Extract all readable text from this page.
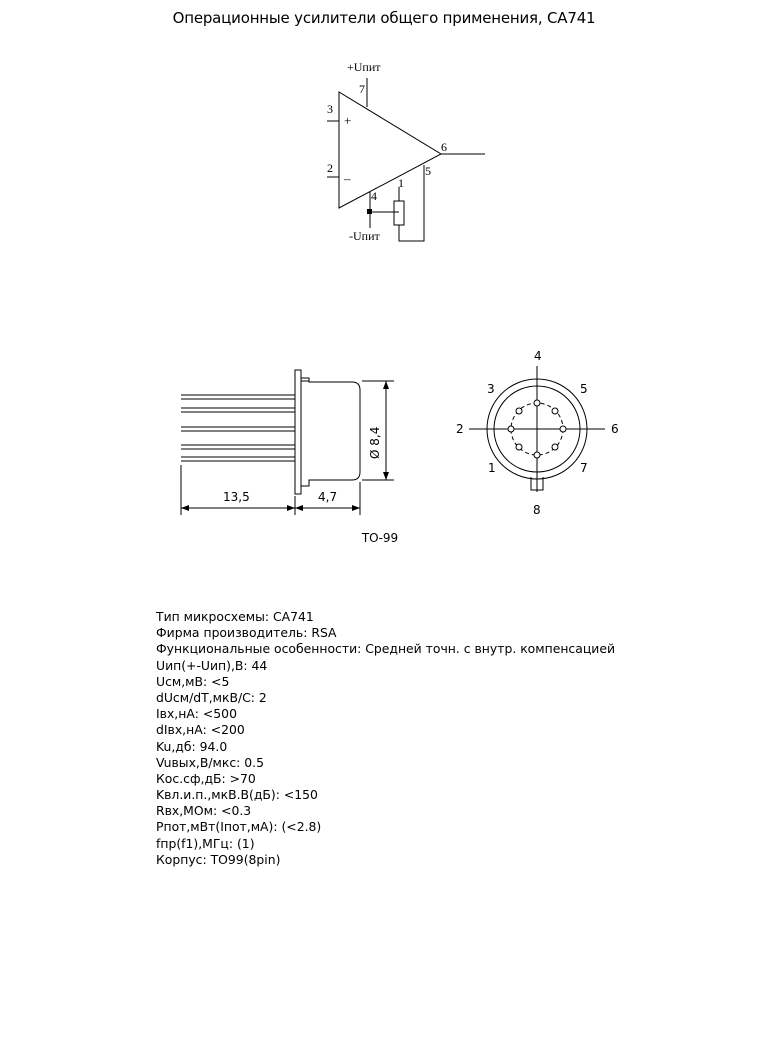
Операционные усилители общего применения, CA741
+Uпит
7
3
+
2
–
6
4
1
5
-Uпит
13,5	4,7
Ø 8,4
4
3	5
2	6
1	7
8
ТО-99
Тип микросхемы: CA741
Фирма производитель: RSA
Функциональные особенности: Средней точн. с внутр. компенсацией
Uип(+-Uип),В: 44
Uсм,мВ: <5
dUсм/dT,мкВ/C: 2
Iвх,нА: <500
dIвх,нА: <200
Ku,дб: 94.0
Vuвых,В/мкс: 0.5
Кос.сф,дБ: >70
Kвл.и.п.,мкВ.В(дБ): <150
Rвх,МОм: <0.3
Pпот,мВт(Iпот,мА): (<2.8)
fпр(f1),МГц: (1)
Корпус: TO99(8pin)
